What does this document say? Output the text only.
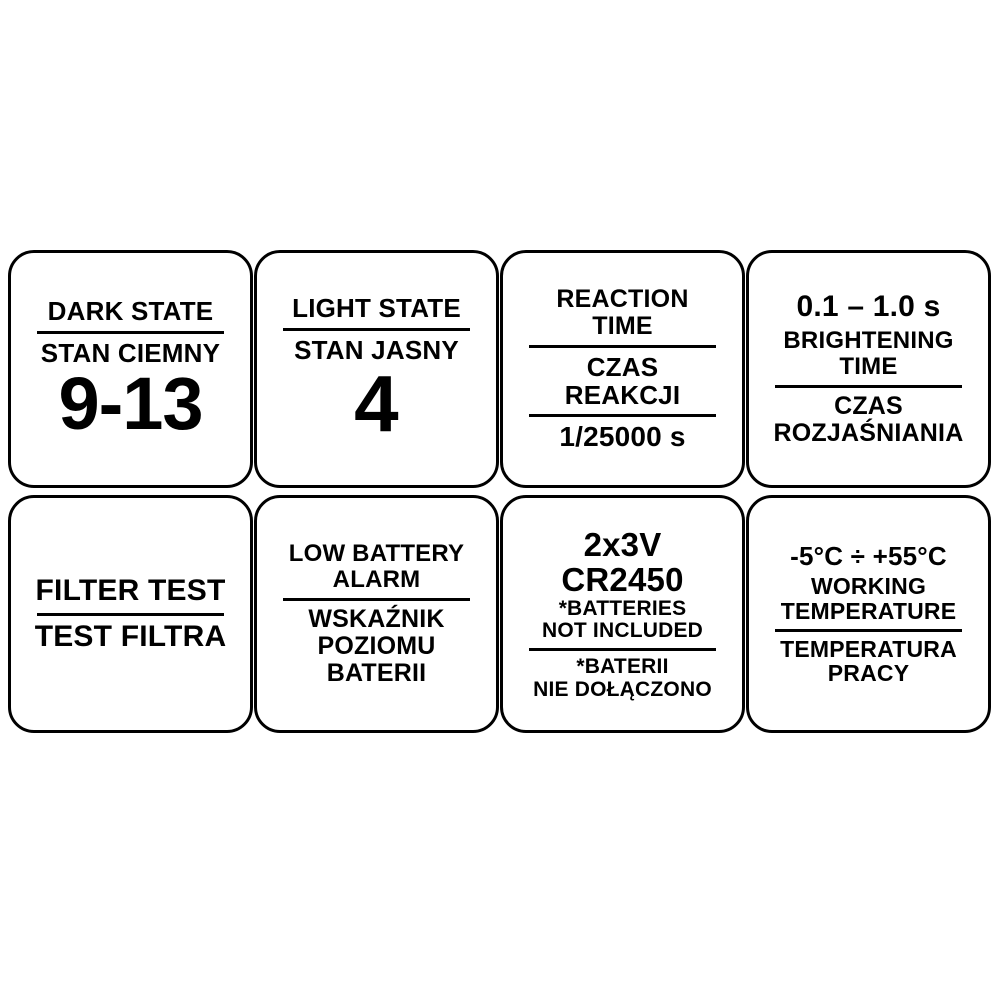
DARK STATE
STAN CIEMNY
9-13
LIGHT STATE
STAN JASNY
4
REACTION
TIME
CZAS
REAKCJI
1/25000 s
0.1 – 1.0 s
BRIGHTENING
TIME
CZAS
ROZJAŚNIANIA
FILTER TEST
TEST FILTRA
LOW BATTERY
ALARM
WSKAŹNIK
POZIOMU
BATERII
2x3V
CR2450
*BATTERIES
NOT INCLUDED
*BATERII
NIE DOŁĄCZONO
-5°C ÷ +55°C
WORKING
TEMPERATURE
TEMPERATURA
PRACY
